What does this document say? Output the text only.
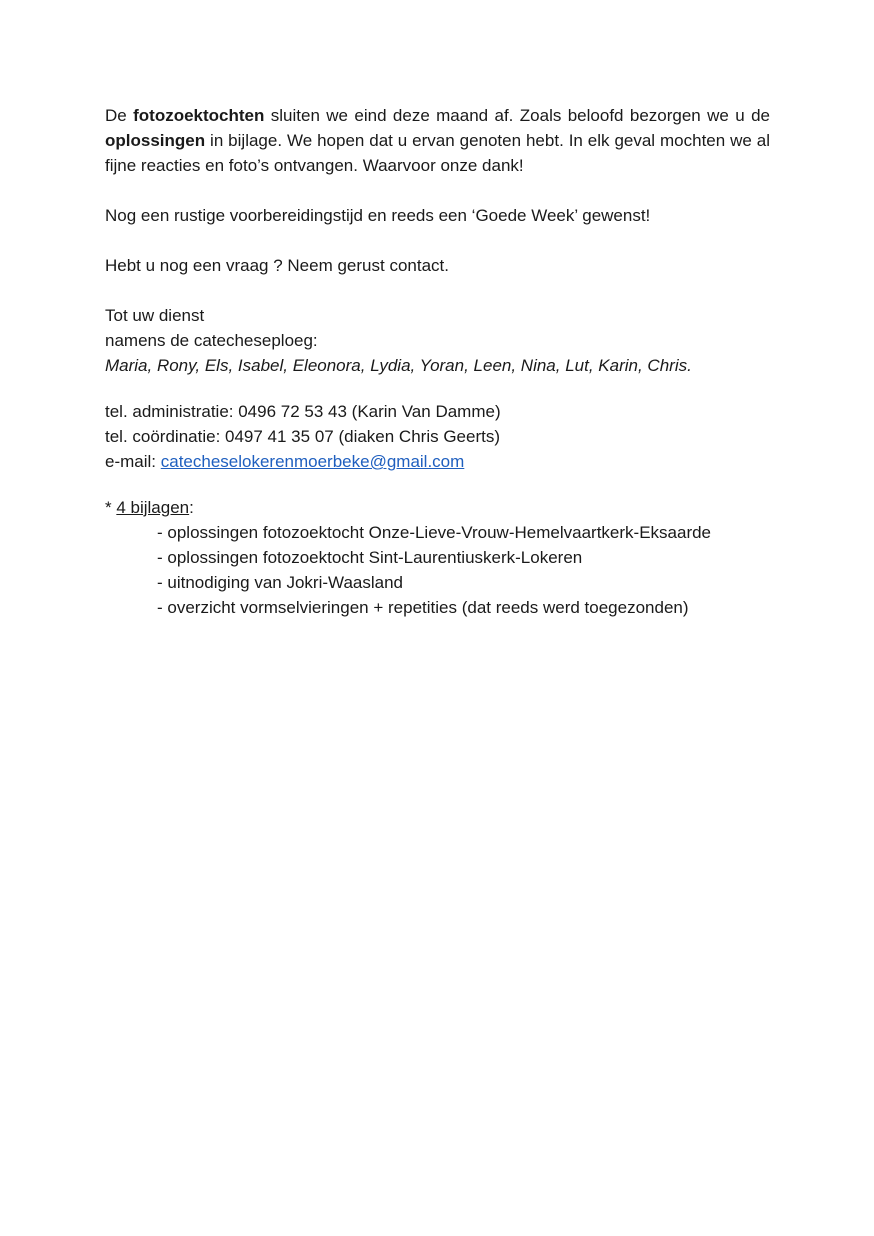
De fotozoektochten sluiten we eind deze maand af. Zoals beloofd bezorgen we u de oplossingen in bijlage. We hopen dat u ervan genoten hebt. In elk geval mochten we al fijne reacties en foto’s ontvangen. Waarvoor onze dank!

Nog een rustige voorbereidingstijd en reeds een ‘Goede Week’ gewenst!

Hebt u nog een vraag ? Neem gerust contact.

Tot uw dienst

namens de catecheseploeg:

Maria, Rony, Els, Isabel, Eleonora, Lydia, Yoran, Leen, Nina, Lut, Karin, Chris.

tel. administratie: 0496 72 53 43 (Karin Van Damme)

tel. coördinatie: 0497 41 35 07 (diaken Chris Geerts)

e-mail: catecheselokerenmoerbeke@gmail.com

* 4 bijlagen:

- oplossingen fotozoektocht Onze-Lieve-Vrouw-Hemelvaartkerk-Eksaarde
- oplossingen fotozoektocht Sint-Laurentiuskerk-Lokeren
- uitnodiging van Jokri-Waasland
- overzicht vormselvieringen + repetities (dat reeds werd toegezonden)
